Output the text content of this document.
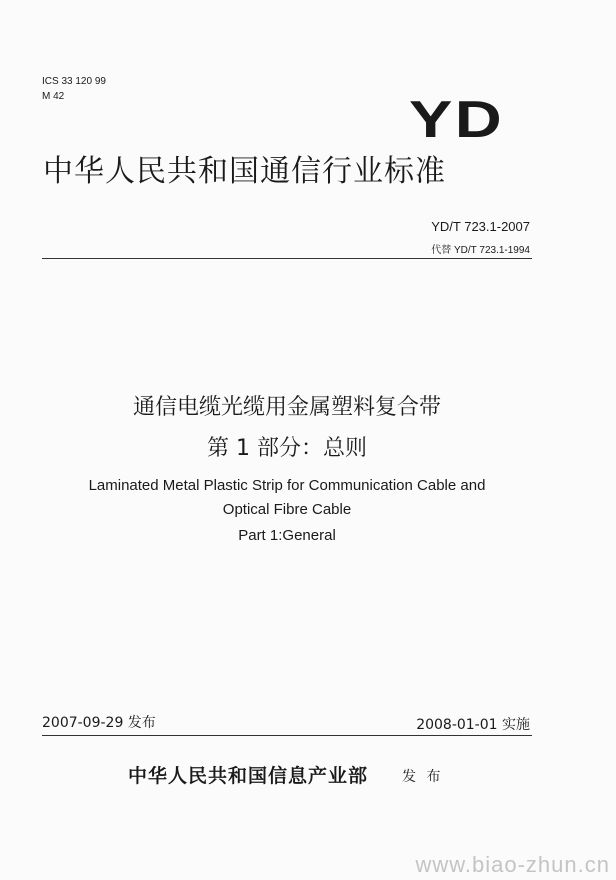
ICS 33 120 99
M 42	YD
中华人民共和国通信行业标准
YD/T 723.1-2007
代替 YD/T 723.1-1994
通信电缆光缆用金属塑料复合带
第 1 部分：总则
Laminated Metal Plastic Strip for Communication Cable and
Optical Fibre Cable
Part 1:General
2007-09-29 发布	2008-01-01 实施
中华人民共和国信息产业部 发 布
www.biao-zhun.cn
